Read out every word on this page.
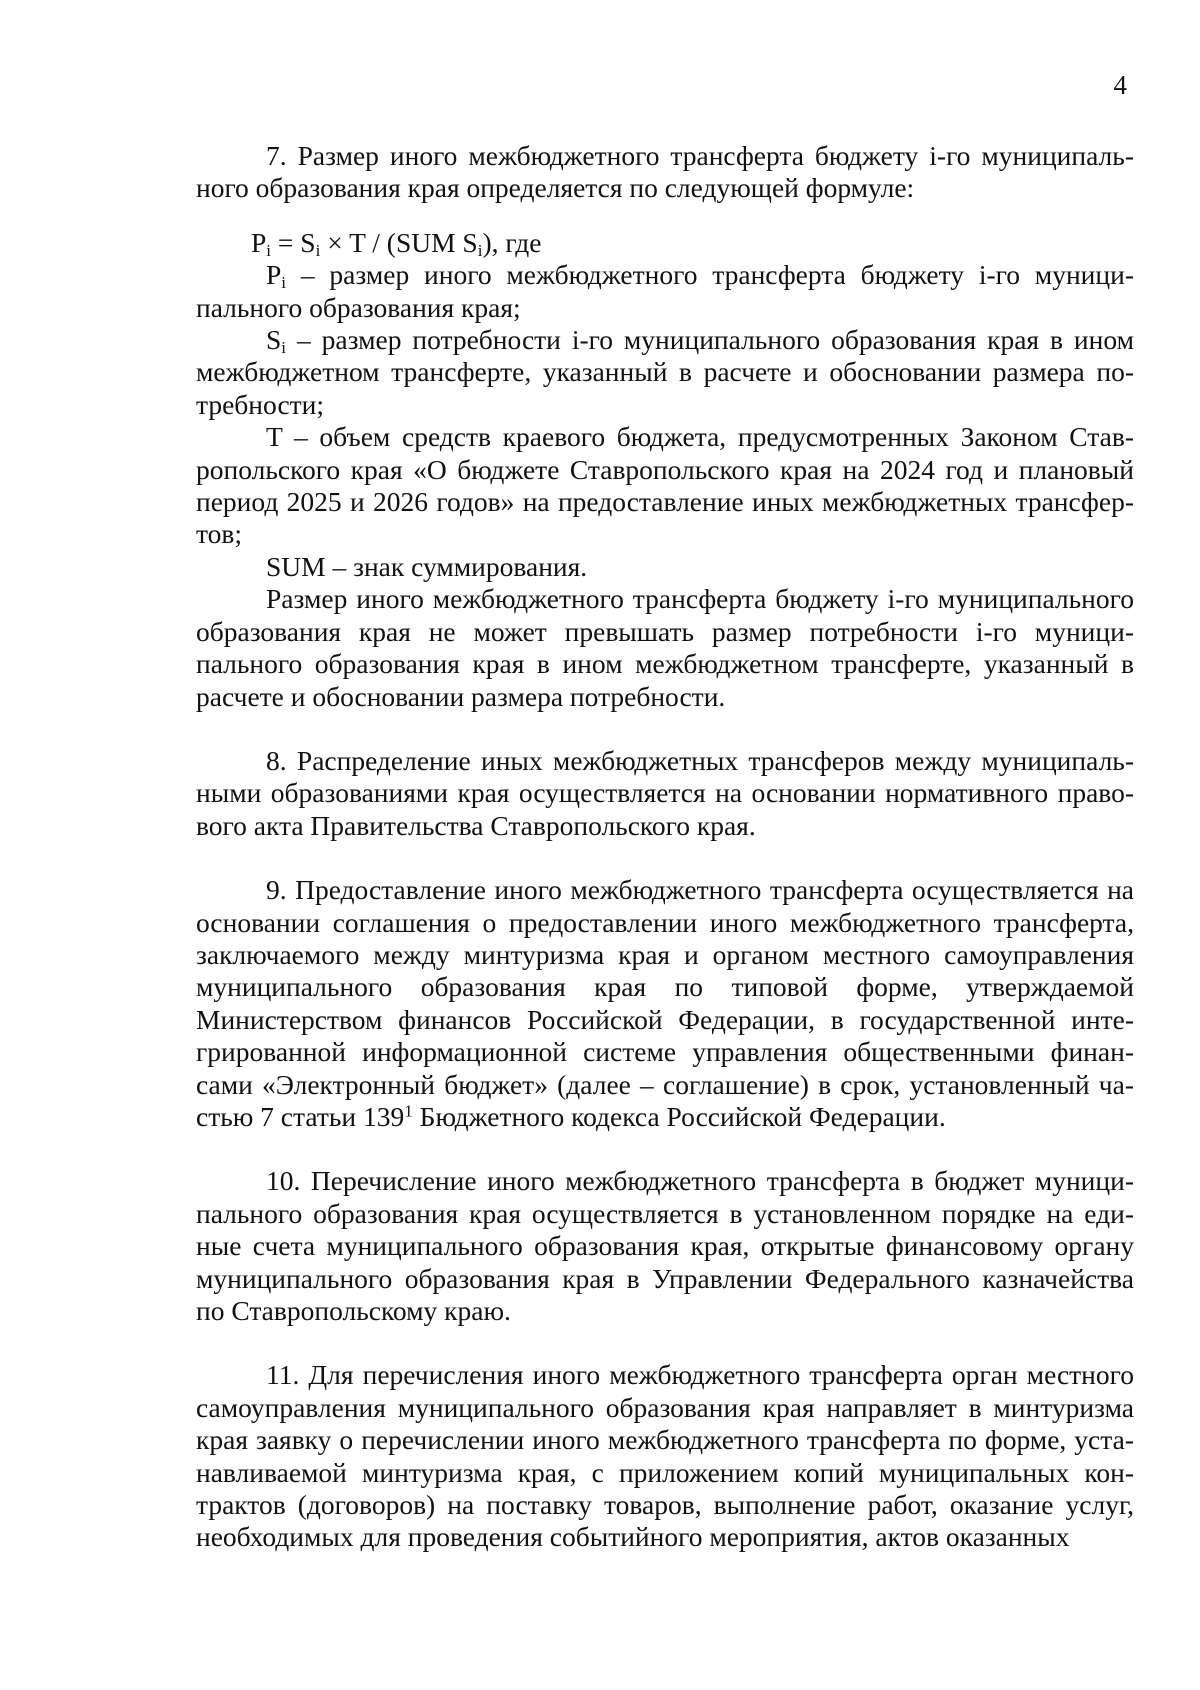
4

7. Размер иного межбюджетного трансферта бюджету i-го муниципального образования края определяется по следующей формуле:

$P_i = S_i \times T / (SUM$ $S_i$), где

$P_i$ – размер иного межбюджетного трансферта бюджету i-го муниципального образования края;

$S_i$ – размер потребности i-го муниципального образования края в ином межбюджетном трансферте, указанный в расчете и обосновании размера потребности;

T – объем средств краевого бюджета, предусмотренных Законом Ставропольского края «О бюджете Ставропольского края на 2024 год и плановый период 2025 и 2026 годов» на предоставление иных межбюджетных трансфертов;

SUM – знак суммирования.

Размер иного межбюджетного трансферта бюджету i-го муниципального образования края не может превышать размер потребности i-го муниципального образования края в ином межбюджетном трансферте, указанный в расчете и обосновании размера потребности.

8. Распределение иных межбюджетных трансферов между муниципальными образованиями края осуществляется на основании нормативного правового акта Правительства Ставропольского края.

9. Предоставление иного межбюджетного трансферта осуществляется на основании соглашения о предоставлении иного межбюджетного трансферта, заключаемого между минтуризма края и органом местного самоуправления муниципального образования края по типовой форме, утверждаемой Министерством финансов Российской Федерации, в государственной интегрированной информационной системе управления общественными финансами «Электронный бюджет» (далее – соглашение) в срок, установленный частью 7 статьи $139^1$ Бюджетного кодекса Российской Федерации.

10. Перечисление иного межбюджетного трансферта в бюджет муниципального образования края осуществляется в установленном порядке на единые счета муниципального образования края, открытые финансовому органу муниципального образования края в Управлении Федерального казначейства по Ставропольскому краю.

11. Для перечисления иного межбюджетного трансферта орган местного самоуправления муниципального образования края направляет в минтуризма края заявку о перечислении иного межбюджетного трансферта по форме, устанавливаемой минтуризма края, с приложением копий муниципальных контрактов (договоров) на поставку товаров, выполнение работ, оказание услуг, необходимых для проведения событийного мероприятия, актов оказанных
